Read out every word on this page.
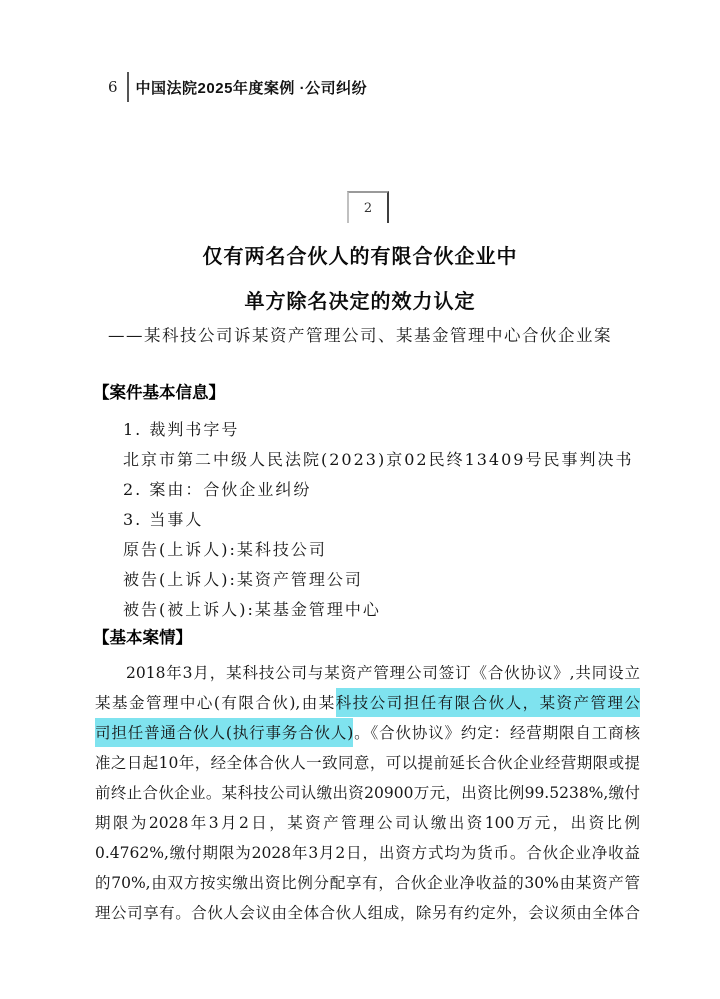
6	中国法院2025年度案例 ·公司纠纷
2
仅有两名合伙人的有限合伙企业中
单方除名决定的效力认定
——某科技公司诉某资产管理公司、某基金管理中心合伙企业案
【案件基本信息】
1. 裁判书字号
北京市第二中级人民法院(2023)京02民终13409号民事判决书
2. 案由：合伙企业纠纷
3. 当事人
原告(上诉人):某科技公司
被告(上诉人):某资产管理公司
被告(被上诉人):某基金管理中心
【基本案情】
2018年3月，某科技公司与某资产管理公司签订《合伙协议》,共同设立
某基金管理中心(有限合伙),由某科技公司担任有限合伙人，某资产管理公
司担任普通合伙人(执行事务合伙人)。《合伙协议》约定：经营期限自工商核
准之日起10年，经全体合伙人一致同意，可以提前延长合伙企业经营期限或提
前终止合伙企业。某科技公司认缴出资20900万元，出资比例99.5238%,缴付
期限为2028年3月2日，某资产管理公司认缴出资100万元，出资比例
0.4762%,缴付期限为2028年3月2日，出资方式均为货币。合伙企业净收益
的70%,由双方按实缴出资比例分配享有，合伙企业净收益的30%由某资产管
理公司享有。合伙人会议由全体合伙人组成，除另有约定外，会议须由全体合
